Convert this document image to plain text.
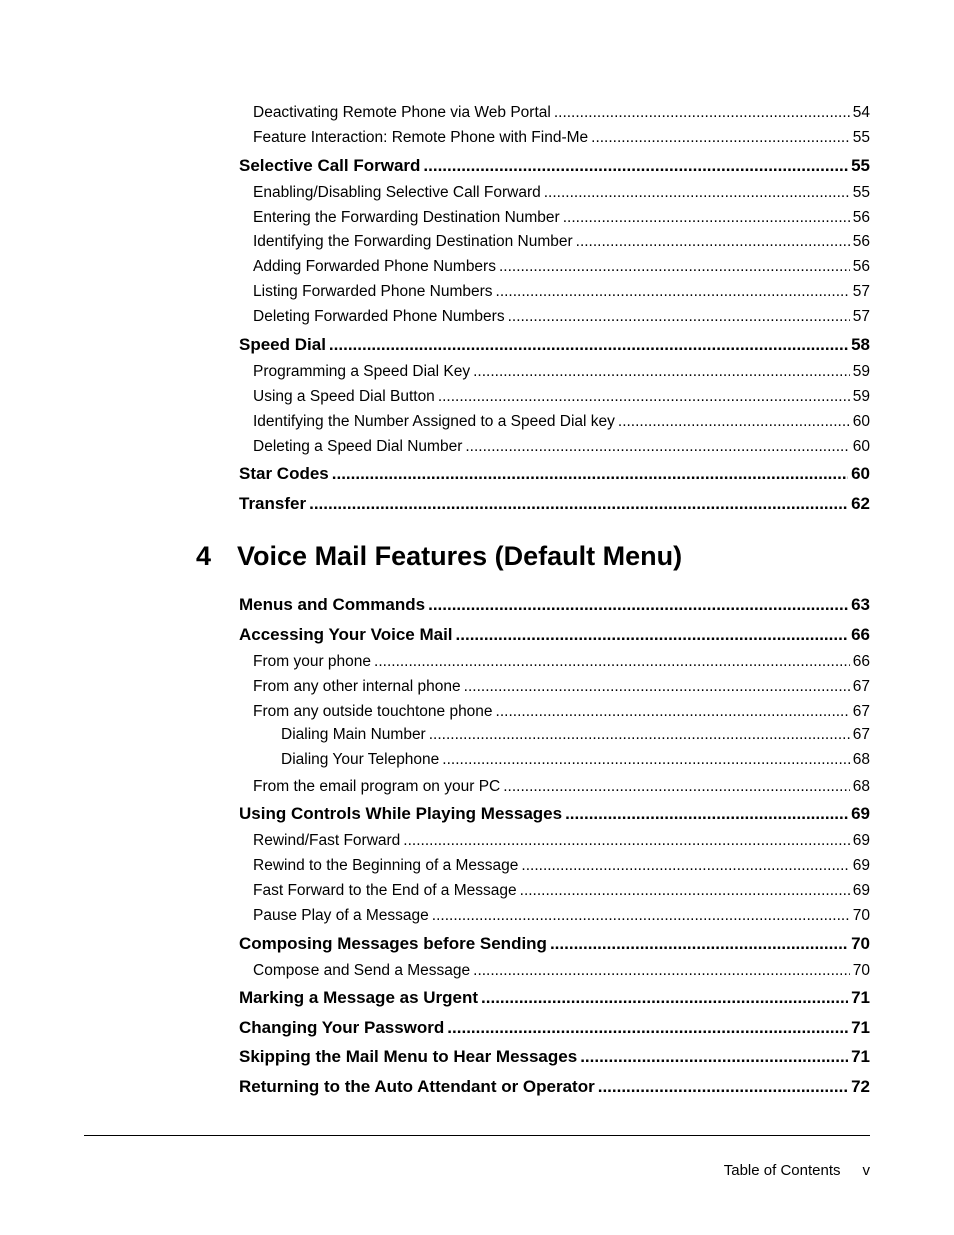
Deactivating Remote Phone via Web Portal .....	54
Feature Interaction: Remote Phone with Find-Me .....	55
Selective Call Forward .....	55
Enabling/Disabling Selective Call Forward .....	55
Entering the Forwarding Destination Number .....	56
Identifying the Forwarding Destination Number .....	56
Adding Forwarded Phone Numbers .....	56
Listing Forwarded Phone Numbers .....	57
Deleting Forwarded Phone Numbers .....	57
Speed Dial .....	58
Programming a Speed Dial Key .....	59
Using a Speed Dial Button .....	59
Identifying the Number Assigned to a Speed Dial key .....	60
Deleting a Speed Dial Number .....	60
Star Codes .....	60
Transfer .....	62
4 Voice Mail Features (Default Menu)
Menus and Commands .....	63
Accessing Your Voice Mail .....	66
From your phone .....	66
From any other internal phone .....	67
From any outside touchtone phone .....	67
Dialing Main Number .....	67
Dialing Your Telephone .....	68
From the email program on your PC .....	68
Using Controls While Playing Messages .....	69
Rewind/Fast Forward .....	69
Rewind to the Beginning of a Message .....	69
Fast Forward to the End of a Message .....	69
Pause Play of a Message .....	70
Composing Messages before Sending .....	70
Compose and Send a Message .....	70
Marking a Message as Urgent .....	71
Changing Your Password .....	71
Skipping the Mail Menu to Hear Messages .....	71
Returning to the Auto Attendant or Operator .....	72
Table of Contents v
